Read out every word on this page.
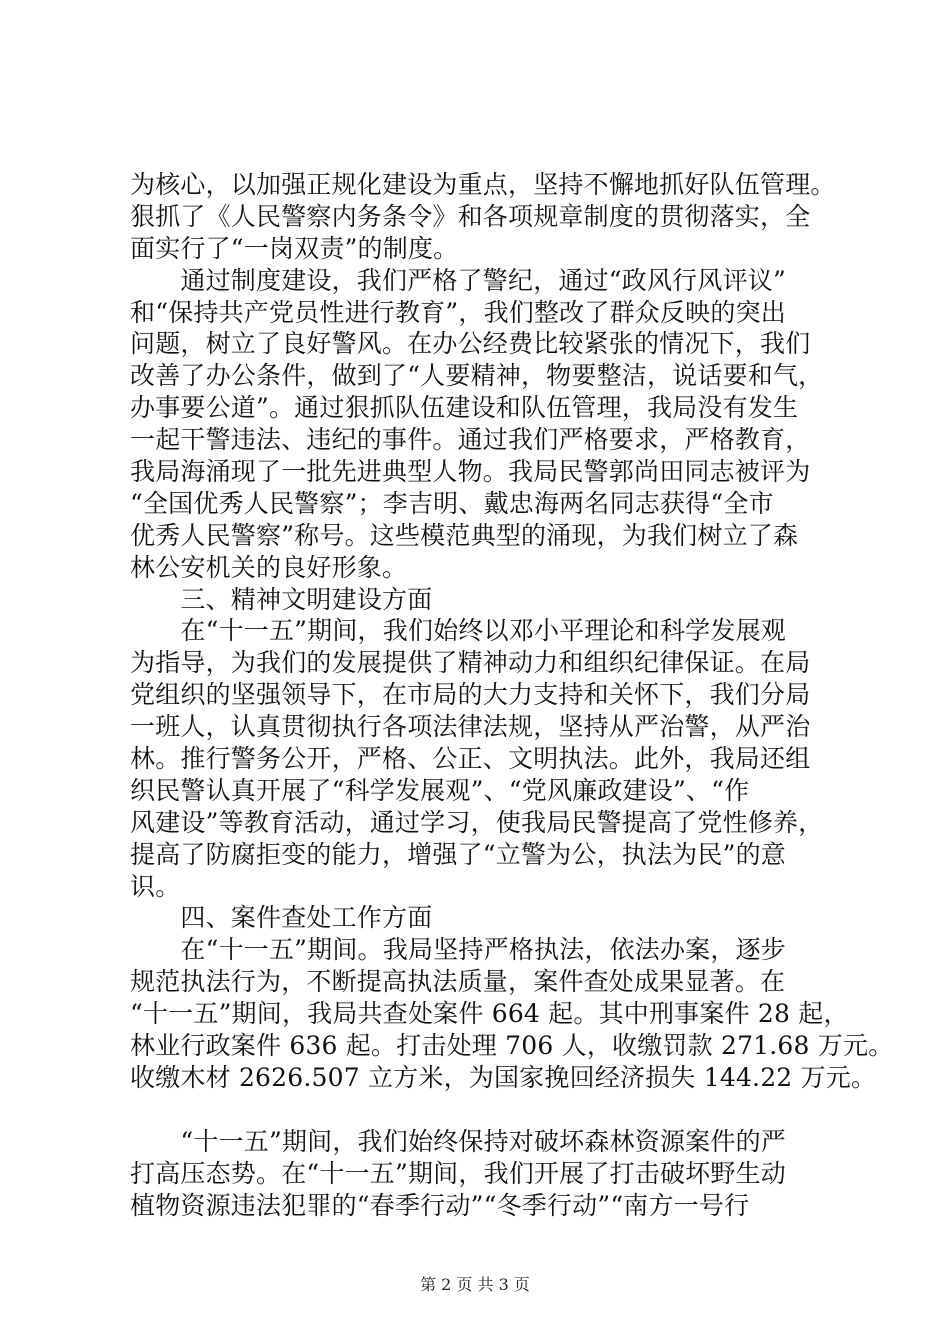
为核心，以加强正规化建设为重点，坚持不懈地抓好队伍管理。
狠抓了《人民警察内务条令》和各项规章制度的贯彻落实，全
面实行了“一岗双责”的制度。
　　通过制度建设，我们严格了警纪，通过“政风行风评议”
和“保持共产党员性进行教育”，我们整改了群众反映的突出
问题，树立了良好警风。在办公经费比较紧张的情况下，我们
改善了办公条件，做到了“人要精神，物要整洁，说话要和气，
办事要公道”。通过狠抓队伍建设和队伍管理，我局没有发生
一起干警违法、违纪的事件。通过我们严格要求，严格教育，
我局海涌现了一批先进典型人物。我局民警郭尚田同志被评为
“全国优秀人民警察”；李吉明、戴忠海两名同志获得“全市
优秀人民警察”称号。这些模范典型的涌现，为我们树立了森
林公安机关的良好形象。
　　三、精神文明建设方面
　　在“十一五”期间，我们始终以邓小平理论和科学发展观
为指导，为我们的发展提供了精神动力和组织纪律保证。在局
党组织的坚强领导下，在市局的大力支持和关怀下，我们分局
一班人，认真贯彻执行各项法律法规，坚持从严治警，从严治
林。推行警务公开，严格、公正、文明执法。此外，我局还组
织民警认真开展了“科学发展观”、“党风廉政建设”、“作
风建设”等教育活动，通过学习，使我局民警提高了党性修养，
提高了防腐拒变的能力，增强了“立警为公，执法为民”的意
识。
　　四、案件查处工作方面
　　在“十一五”期间。我局坚持严格执法，依法办案，逐步
规范执法行为，不断提高执法质量，案件查处成果显著。在
“十一五”期间，我局共查处案件 664 起。其中刑事案件 28 起，
林业行政案件 636 起。打击处理 706 人，收缴罚款 271.68 万元。
收缴木材 2626.507 立方米，为国家挽回经济损失 144.22 万元。
　　“十一五”期间，我们始终保持对破坏森林资源案件的严
打高压态势。在“十一五”期间，我们开展了打击破坏野生动
植物资源违法犯罪的“春季行动”“冬季行动”“南方一号行
第 2 页 共 3 页
